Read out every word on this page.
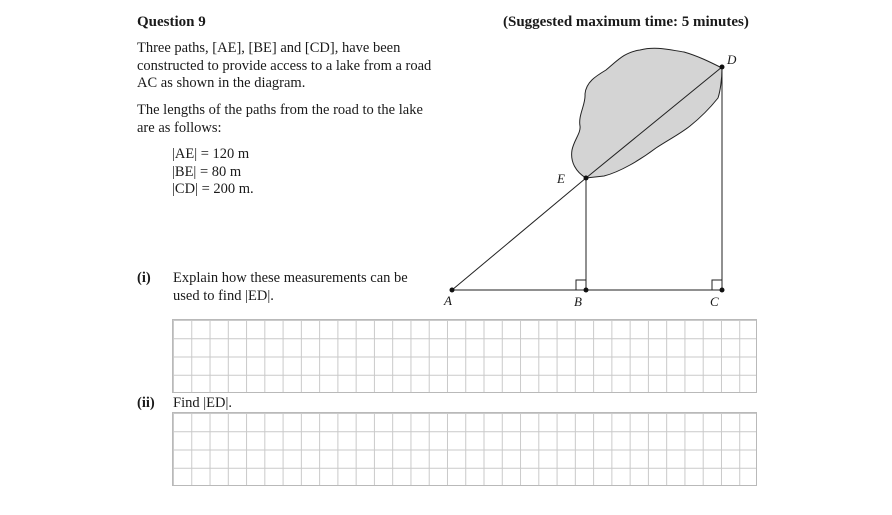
Question 9	(Suggested maximum time: 5 minutes)
Three paths, [AE], [BE] and [CD], have been constructed to provide access to a lake from a road AC as shown in the diagram.
The lengths of the paths from the road to the lake are as follows:
|AE| = 120 m
|BE| = 80 m
|CD| = 200 m.
(i) Explain how these measurements can be used to find |ED|.
(ii) Find |ED|.
A	B	C
D
E
